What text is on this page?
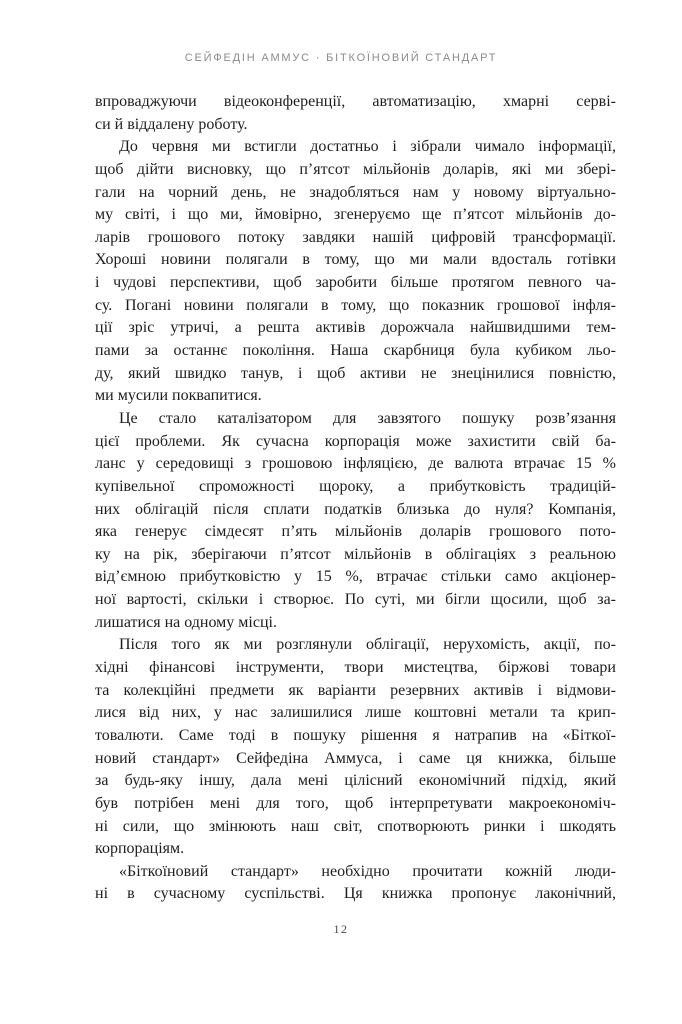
СЕЙФЕДІН АММУС · БІТКОЇНОВИЙ СТАНДАРТ
впроваджуючи відеоконференції, автоматизацію, хмарні серві-
си й віддалену роботу.
До червня ми встигли достатньо і зібрали чимало інформації,
щоб дійти висновку, що п’ятсот мільйонів доларів, які ми збері-
гали на чорний день, не знадобляться нам у новому віртуально-
му світі, і що ми, ймовірно, згенеруємо ще п’ятсот мільйонів до-
ларів грошового потоку завдяки нашій цифровій трансформації.
Хороші новини полягали в тому, що ми мали вдосталь готівки
і чудові перспективи, щоб заробити більше протягом певного ча-
су. Погані новини полягали в тому, що показник грошової інфля-
ції зріс утричі, а решта активів дорожчала найшвидшими тем-
пами за останнє покоління. Наша скарбниця була кубиком льо-
ду, який швидко танув, і щоб активи не знецінилися повністю,
ми мусили поквапитися.
Це стало каталізатором для завзятого пошуку розв’язання
цієї проблеми. Як сучасна корпорація може захистити свій ба-
ланс у середовищі з грошовою інфляцією, де валюта втрачає 15 %
купівельної спроможності щороку, а прибутковість традицій-
них облігацій після сплати податків близька до нуля? Компанія,
яка генерує сімдесят п’ять мільйонів доларів грошового пото-
ку на рік, зберігаючи п’ятсот мільйонів в облігаціях з реальною
від’ємною прибутковістю у 15 %, втрачає стільки само акціонер-
ної вартості, скільки і створює. По суті, ми бігли щосили, щоб за-
лишатися на одному місці.
Після того як ми розглянули облігації, нерухомість, акції, по-
хідні фінансові інструменти, твори мистецтва, біржові товари
та колекційні предмети як варіанти резервних активів і відмови-
лися від них, у нас залишилися лише коштовні метали та крип-
товалюти. Саме тоді в пошуку рішення я натрапив на «Біткої-
новий стандарт» Сейфедіна Аммуса, і саме ця книжка, більше
за будь-яку іншу, дала мені цілісний економічний підхід, який
був потрібен мені для того, щоб інтерпретувати макроекономіч-
ні сили, що змінюють наш світ, спотворюють ринки і шкодять
корпораціям.
«Біткоїновий стандарт» необхідно прочитати кожній люди-
ні в сучасному суспільстві. Ця книжка пропонує лаконічний,
12
